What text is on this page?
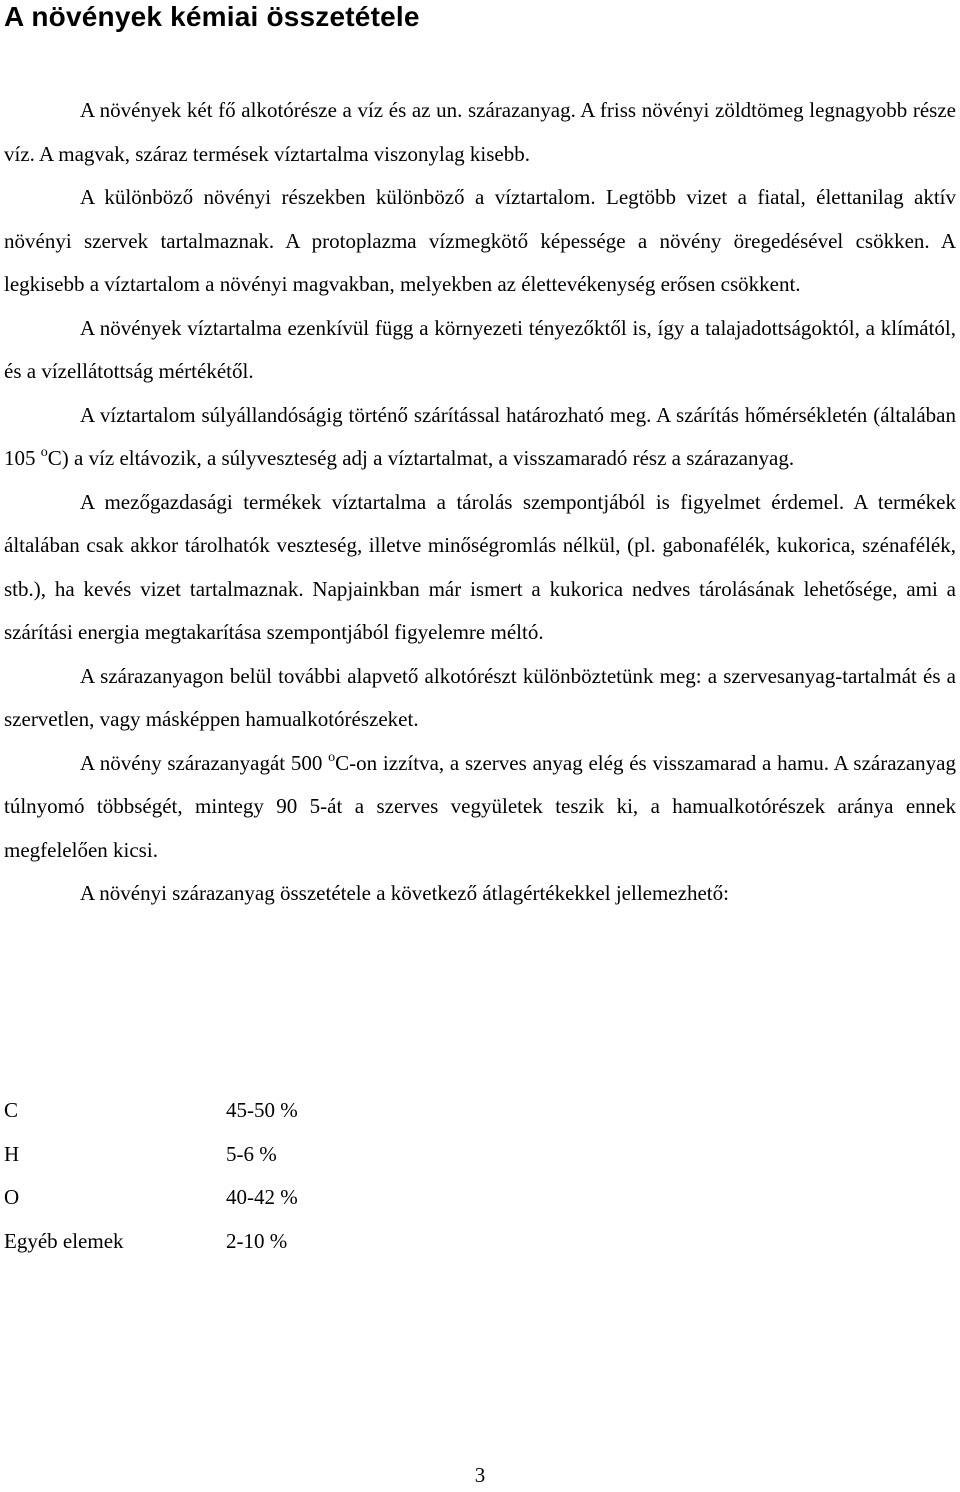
A növények kémiai összetétele

A növények két fő alkotórésze a víz és az un. szárazanyag. A friss növényi zöldtömeg legnagyobb része víz. A magvak, száraz termések víztartalma viszonylag kisebb.

A különböző növényi részekben különböző a víztartalom. Legtöbb vizet a fiatal, élettanilag aktív növényi szervek tartalmaznak. A protoplazma vízmegkötő képessége a növény öregedésével csökken. A legkisebb a víztartalom a növényi magvakban, melyekben az élettevékenység erősen csökkent.

A növények víztartalma ezenkívül függ a környezeti tényezőktől is, így a talajadottságoktól, a klímától, és a vízellátottság mértékétől.

A víztartalom súlyállandóságig történő szárítással határozható meg. A szárítás hőmérsékletén (általában 105 $^o$C) a víz eltávozik, a súlyveszteség adj a víztartalmat, a visszamaradó rész a szárazanyag.

A mezőgazdasági termékek víztartalma a tárolás szempontjából is figyelmet érdemel. A termékek általában csak akkor tárolhatók veszteség, illetve minőségromlás nélkül, (pl. gabonafélék, kukorica, szénafélék, stb.), ha kevés vizet tartalmaznak. Napjainkban már ismert a kukorica nedves tárolásának lehetősége, ami a szárítási energia megtakarítása szempontjából figyelemre méltó.

A szárazanyagon belül további alapvető alkotórészt különböztetünk meg: a szervesanyag-tartalmát és a szervetlen, vagy másképpen hamualkotórészeket.

A növény szárazanyagát 500 $^o$C-on izzítva, a szerves anyag elég és visszamarad a hamu. A szárazanyag túlnyomó többségét, mintegy 90 5-át a szerves vegyületek teszik ki, a hamualkotórészek aránya ennek megfelelően kicsi.

A növényi szárazanyag összetétele a következő átlagértékekkel jellemezhető:

C	45-50 %
H	5-6 %
O	40-42 %
Egyéb elemek	2-10 %
3
